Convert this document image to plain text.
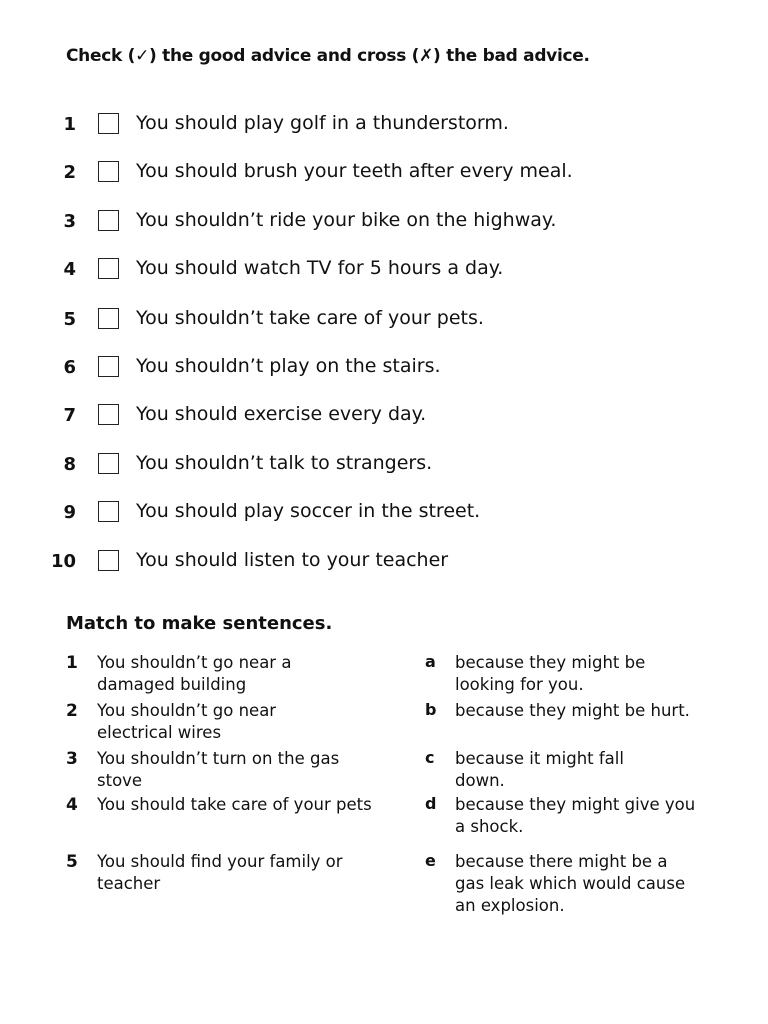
Check (✓) the good advice and cross (✗) the bad advice.
1	You should play golf in a thunderstorm.
2	You should brush your teeth after every meal.
3	You shouldn’t ride your bike on the highway.
4	You should watch TV for 5 hours a day.
5	You shouldn’t take care of your pets.
6	You shouldn’t play on the stairs.
7	You should exercise every day.
8	You shouldn’t talk to strangers.
9	You should play soccer in the street.
10	You should listen to your teacher
Match to make sentences.
1 You shouldn’t go near a
damaged building
a because they might be
looking for you.
2 You shouldn’t go near
electrical wires
b because they might be hurt.
3 You shouldn’t turn on the gas
stove
c because it might fall
down.
4 You should take care of your pets	d because they might give you
a shock.
5 You should find your family or
teacher
e because there might be a
gas leak which would cause
an explosion.
